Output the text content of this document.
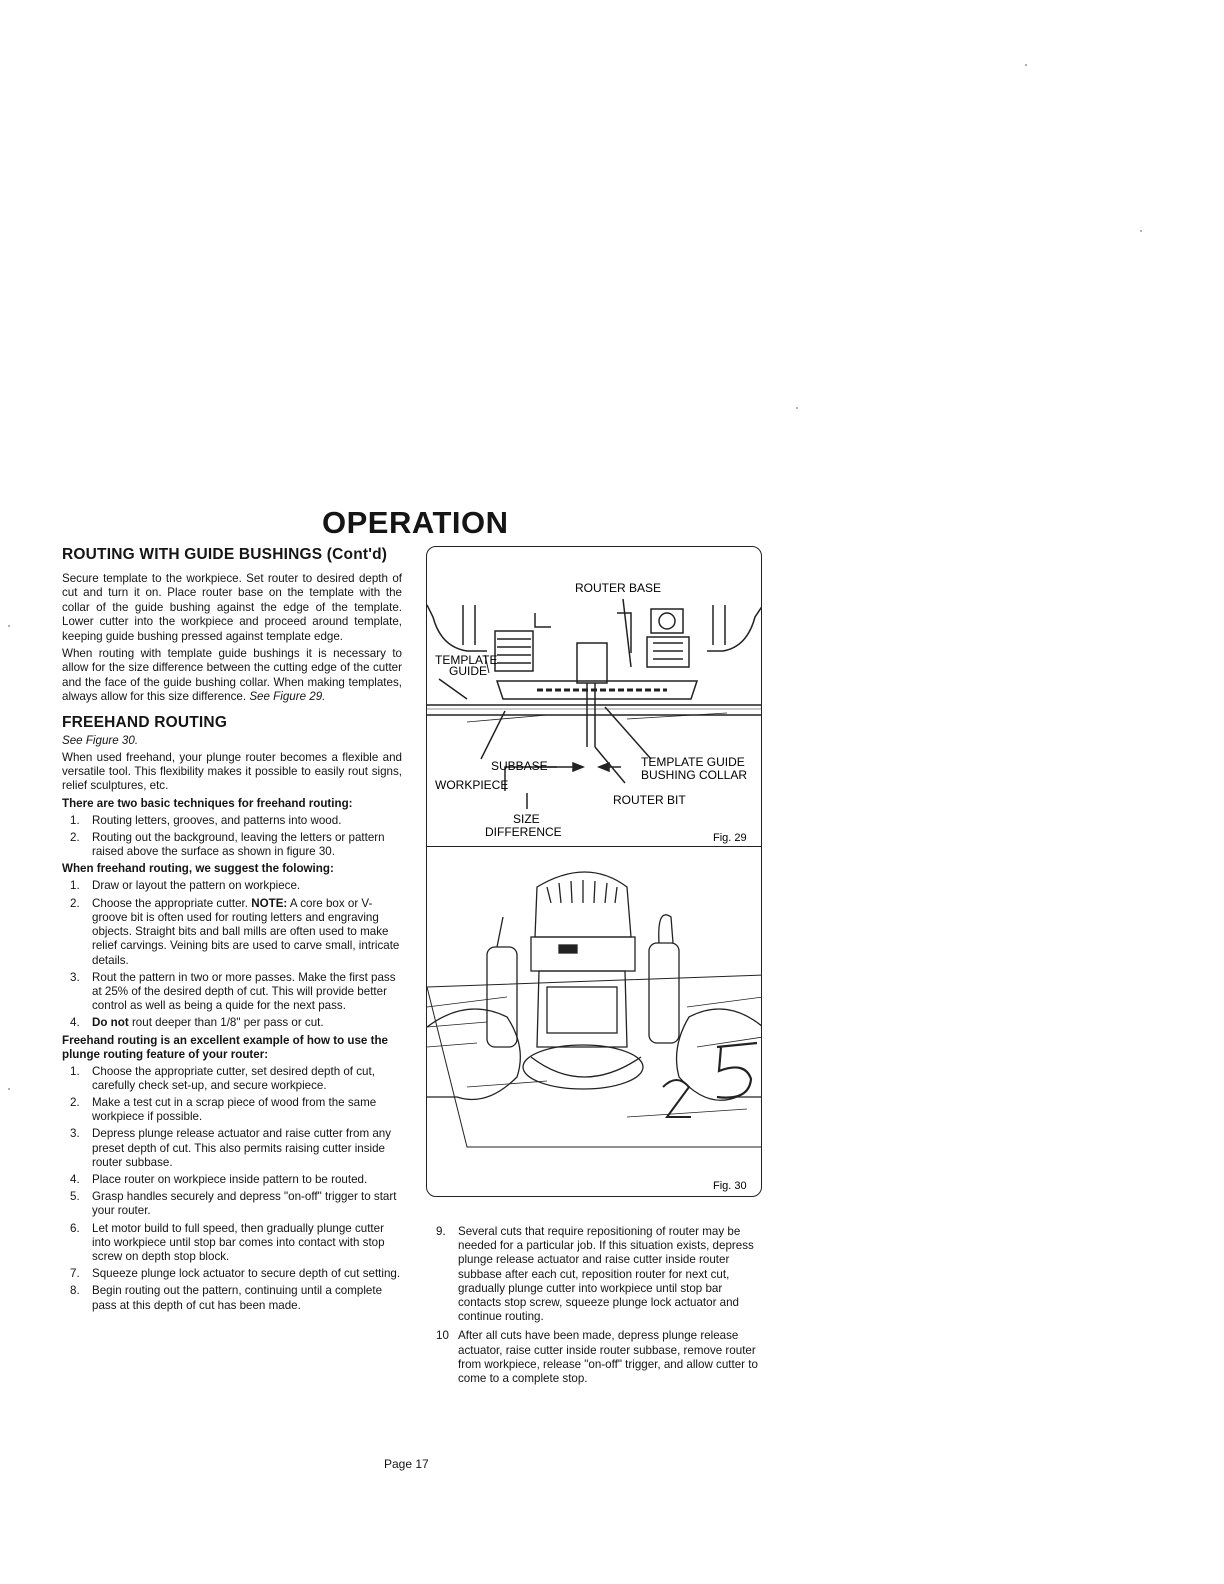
OPERATION
ROUTING WITH GUIDE BUSHINGS (Cont'd)

Secure template to the workpiece. Set router to desired depth of cut and turn it on. Place router base on the template with the collar of the guide bushing against the edge of the template. Lower cutter into the workpiece and proceed around template, keeping guide bushing pressed against template edge.

When routing with template guide bushings it is necessary to allow for the size difference between the cutting edge of the cutter and the face of the guide bushing collar. When making templates, always allow for this size difference. See Figure 29.

FREEHAND ROUTING
See Figure 30.

When used freehand, your plunge router becomes a flexible and versatile tool. This flexibility makes it possible to easily rout signs, relief sculptures, etc.

There are two basic techniques for freehand routing:
1. Routing letters, grooves, and patterns into wood.
2. Routing out the background, leaving the letters or pattern raised above the surface as shown in figure 30.
When freehand routing, we suggest the folowing:
1. Draw or layout the pattern on workpiece.
2. Choose the appropriate cutter. NOTE: A core box or V-groove bit is often used for routing letters and engraving objects. Straight bits and ball mills are often used to make relief carvings. Veining bits are used to carve small, intricate details.
3. Rout the pattern in two or more passes. Make the first pass at 25% of the desired depth of cut. This will provide better control as well as being a quide for the next pass.
4. Do not rout deeper than 1/8" per pass or cut.
Freehand routing is an excellent example of how to use the plunge routing feature of your router:
1. Choose the appropriate cutter, set desired depth of cut, carefully check set-up, and secure workpiece.
2. Make a test cut in a scrap piece of wood from the same workpiece if possible.
3. Depress plunge release actuator and raise cutter from any preset depth of cut. This also permits raising cutter inside router subbase.
4. Place router on workpiece inside pattern to be routed.
5. Grasp handles securely and depress "on-off" trigger to start your router.
6. Let motor build to full speed, then gradually plunge cutter into workpiece until stop bar comes into contact with stop screw on depth stop block.
7. Squeeze plunge lock actuator to secure depth of cut setting.
8. Begin routing out the pattern, continuing until a complete pass at this depth of cut has been made.
ROUTER BASE
TEMPLATE
GUIDE
SUBBASE	TEMPLATE GUIDE
BUSHING COLLAR
WORKPIECE
ROUTER BIT
SIZE
DIFFERENCE	Fig. 29
Fig. 30
9. Several cuts that require repositioning of router may be needed for a particular job. If this situation exists, depress plunge release actuator and raise cutter inside router subbase after each cut, reposition router for next cut, gradually plunge cutter into workpiece until stop bar contacts stop screw, squeeze plunge lock actuator and continue routing.
10 After all cuts have been made, depress plunge release actuator, raise cutter inside router subbase, remove router from workpiece, release "on-off" trigger, and allow cutter to come to a complete stop.
Page 17
